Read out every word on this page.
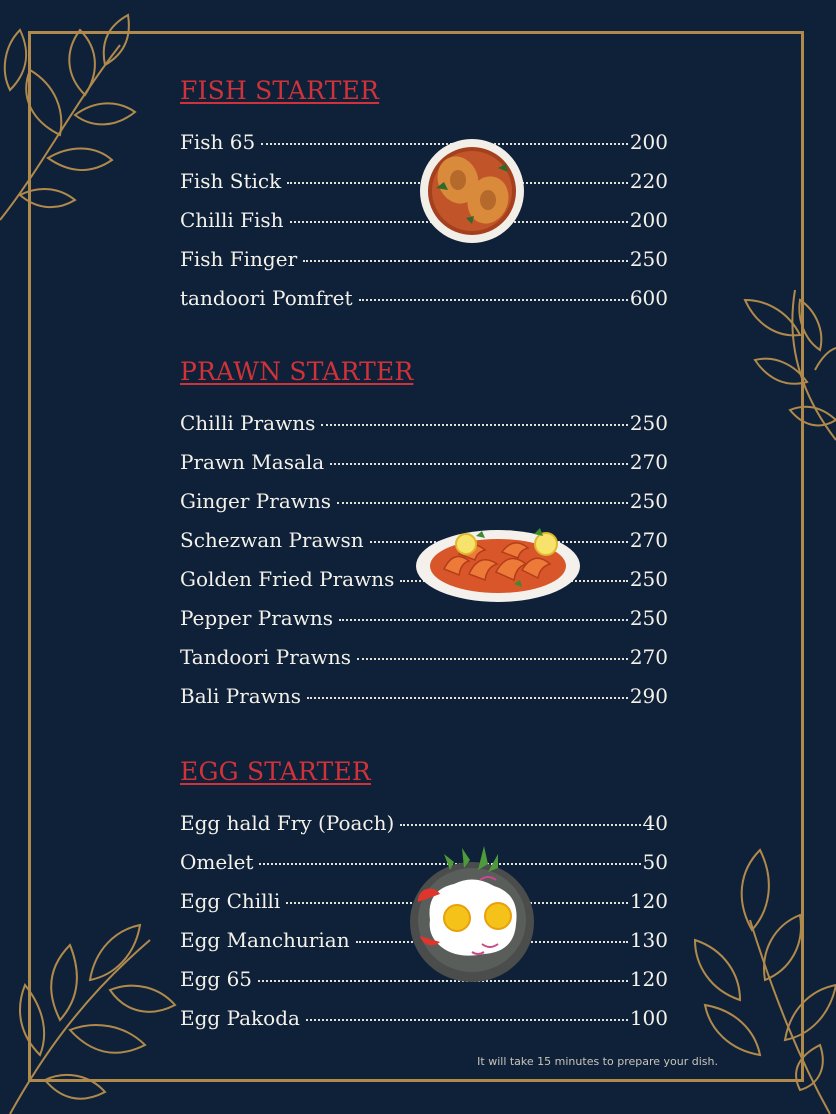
FISH STARTER
Fish 65	200
Fish Stick	220
Chilli Fish	200
Fish Finger	250
tandoori Pomfret	600
PRAWN STARTER
Chilli Prawns	250
Prawn Masala	270
Ginger Prawns	250
Schezwan Prawsn	270
Golden Fried Prawns	250
Pepper Prawns	250
Tandoori Prawns	270
Bali Prawns	290
EGG STARTER
Egg hald Fry (Poach)	40
Omelet	50
Egg Chilli	120
Egg Manchurian	130
Egg 65	120
Egg Pakoda	100
It will take 15 minutes to prepare your dish.
